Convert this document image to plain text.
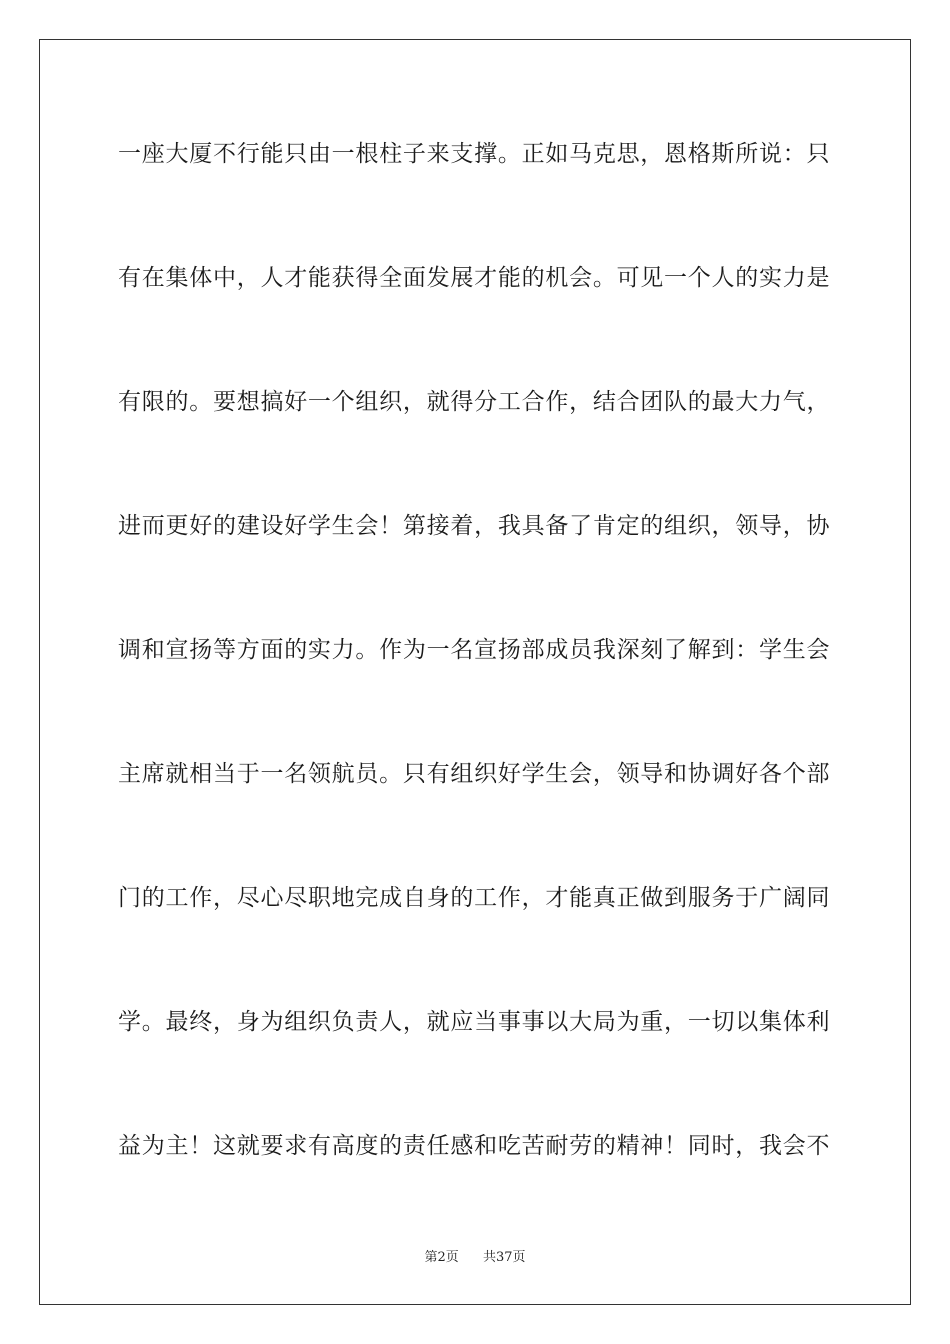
一座大厦不行能只由一根柱子来支撑。正如马克思，恩格斯所说：只
有在集体中，人才能获得全面发展才能的机会。可见一个人的实力是
有限的。要想搞好一个组织，就得分工合作，结合团队的最大力气，
进而更好的建设好学生会！第接着，我具备了肯定的组织，领导，协
调和宣扬等方面的实力。作为一名宣扬部成员我深刻了解到：学生会
主席就相当于一名领航员。只有组织好学生会，领导和协调好各个部
门的工作，尽心尽职地完成自身的工作，才能真正做到服务于广阔同
学。最终，身为组织负责人，就应当事事以大局为重，一切以集体利
益为主！这就要求有高度的责任感和吃苦耐劳的精神！同时，我会不
第2页 共37页
